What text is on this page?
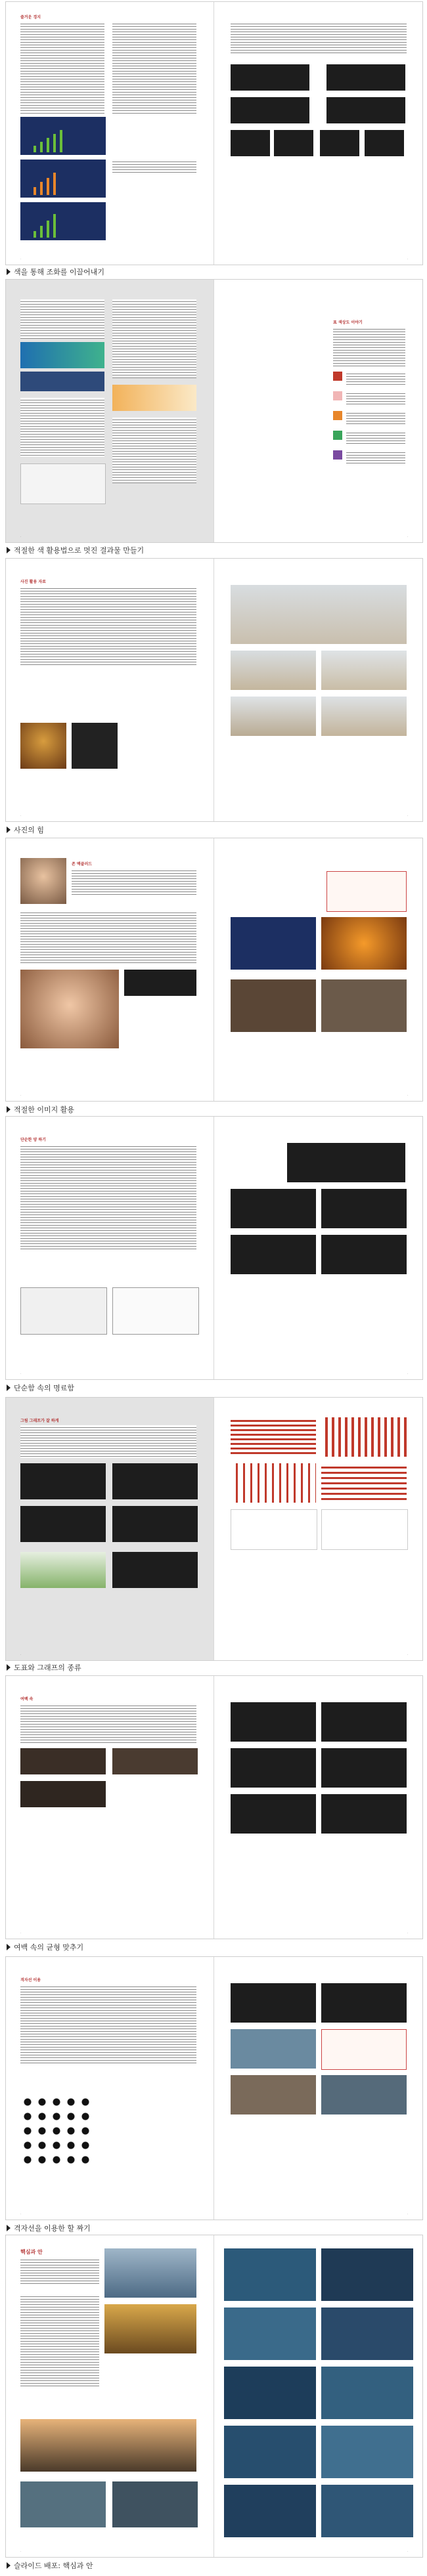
즐거운 경지
·	·
색을 통해 조화를 이끌어내기
·
표 색상도 이야기
·
적절한 색 활용법으로 멋진 결과물 만들기
사진 활용 자료
·	·
사진의 힘
존 맥클러드
·	·
적절한 이미지 활용
단순한 양 하기
·	·
단순함 속의 명료함
그림 그래프가 잘 하게
·	·
도표와 그래프의 종류
여백 속
·	·
여백 속의 균형 맞추기
격자선 이용
·	·
격자선을 이용한 할 짜기
핵심과 안
·	·
슬라이드 배포: 핵심과 안
